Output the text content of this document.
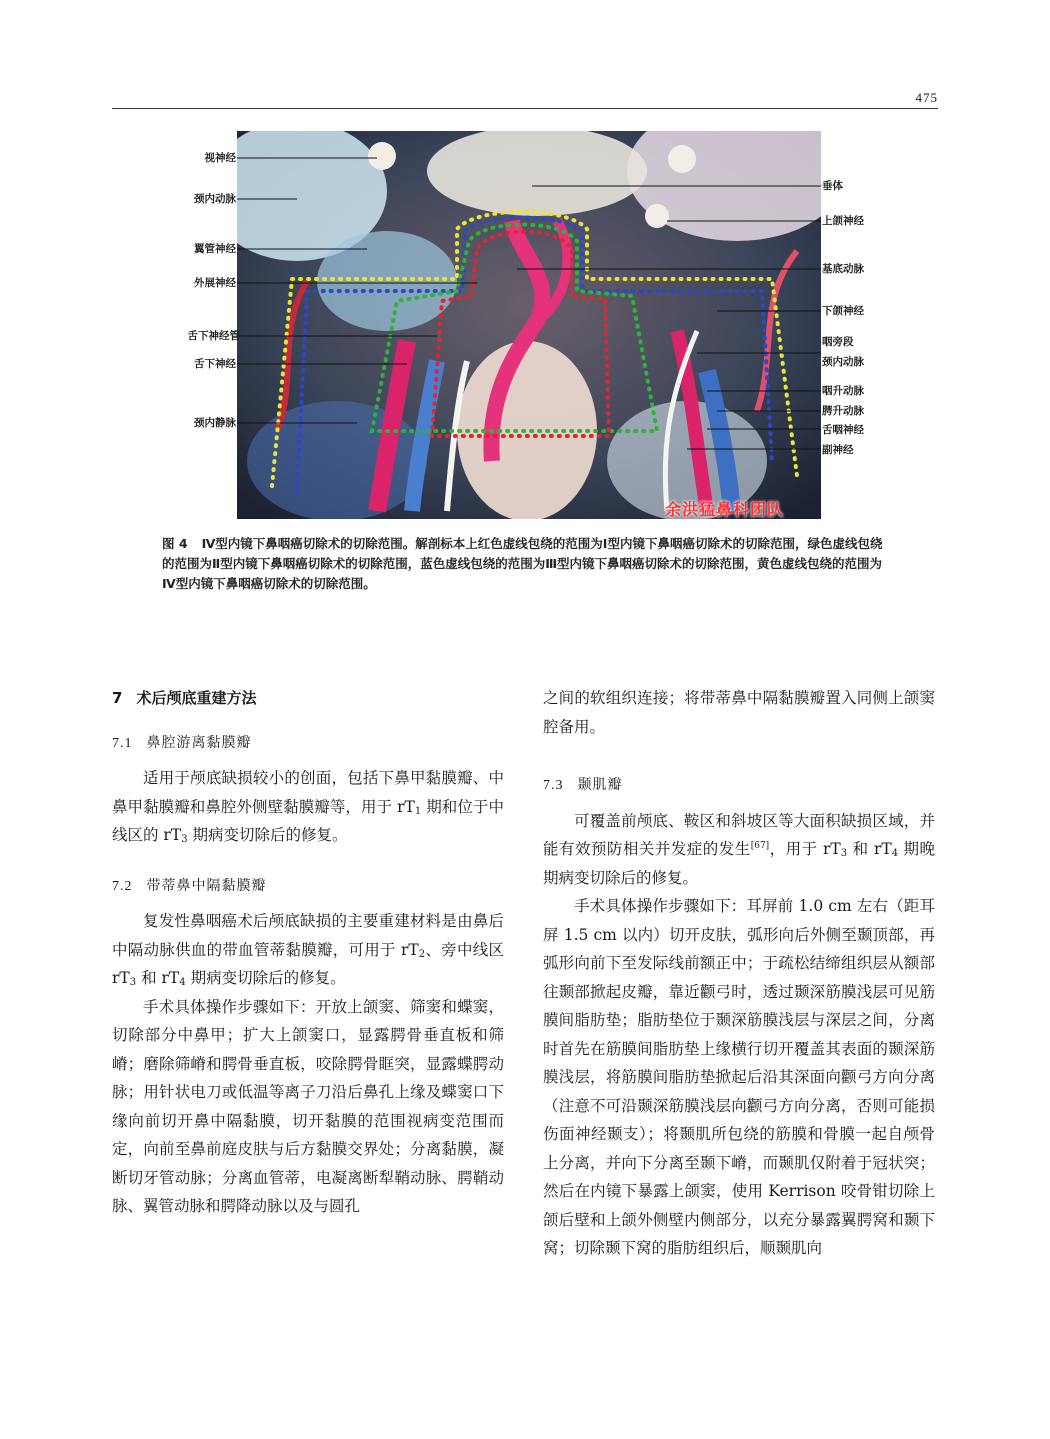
475
视神经
颈内动脉
翼管神经
外展神经
舌下神经管
舌下神经
颈内静脉
垂体
上颌神经
基底动脉
下颌神经
咽旁段
颈内动脉
咽升动脉
腭升动脉
舌咽神经
副神经
余洪猛鼻科团队
图 4 Ⅳ型内镜下鼻咽癌切除术的切除范围。解剖标本上红色虚线包绕的范围为Ⅰ型内镜下鼻咽癌切除术的切除范围，绿色虚线包绕的范围为Ⅱ型内镜下鼻咽癌切除术的切除范围，蓝色虚线包绕的范围为Ⅲ型内镜下鼻咽癌切除术的切除范围，黄色虚线包绕的范围为Ⅳ型内镜下鼻咽癌切除术的切除范围。
7 术后颅底重建方法
7.1 鼻腔游离黏膜瓣

适用于颅底缺损较小的创面，包括下鼻甲黏膜瓣、中鼻甲黏膜瓣和鼻腔外侧壁黏膜瓣等，用于 $rT_1$ 期和位于中线区的 $rT_3$ 期病变切除后的修复。

7.2 带蒂鼻中隔黏膜瓣

复发性鼻咽癌术后颅底缺损的主要重建材料是由鼻后中隔动脉供血的带血管蒂黏膜瓣，可用于 $rT_2$、旁中线区 $rT_3$ 和 $rT_4$ 期病变切除后的修复。

手术具体操作步骤如下：开放上颌窦、筛窦和蝶窦，切除部分中鼻甲；扩大上颌窦口，显露腭骨垂直板和筛嵴；磨除筛嵴和腭骨垂直板，咬除腭骨眶突，显露蝶腭动脉；用针状电刀或低温等离子刀沿后鼻孔上缘及蝶窦口下缘向前切开鼻中隔黏膜，切开黏膜的范围视病变范围而定，向前至鼻前庭皮肤与后方黏膜交界处；分离黏膜，凝断切牙管动脉；分离血管蒂，电凝离断犁鞘动脉、腭鞘动脉、翼管动脉和腭降动脉以及与圆孔

之间的软组织连接；将带蒂鼻中隔黏膜瓣置入同侧上颌窦腔备用。

7.3 颞肌瓣

可覆盖前颅底、鞍区和斜坡区等大面积缺损区域，并能有效预防相关并发症的发生[67]，用于 $rT_3$ 和 $rT_4$ 期晚期病变切除后的修复。

手术具体操作步骤如下：耳屏前 1.0 cm 左右（距耳屏 1.5 cm 以内）切开皮肤，弧形向后外侧至颞顶部，再弧形向前下至发际线前额正中；于疏松结缔组织层从额部往颞部掀起皮瓣，靠近颧弓时，透过颞深筋膜浅层可见筋膜间脂肪垫；脂肪垫位于颞深筋膜浅层与深层之间，分离时首先在筋膜间脂肪垫上缘横行切开覆盖其表面的颞深筋膜浅层，将筋膜间脂肪垫掀起后沿其深面向颧弓方向分离（注意不可沿颞深筋膜浅层向颧弓方向分离，否则可能损伤面神经颞支）；将颞肌所包绕的筋膜和骨膜一起自颅骨上分离，并向下分离至颞下嵴，而颞肌仅附着于冠状突；然后在内镜下暴露上颌窦，使用 Kerrison 咬骨钳切除上颌后壁和上颌外侧壁内侧部分，以充分暴露翼腭窝和颞下窝；切除颞下窝的脂肪组织后，顺颞肌向
